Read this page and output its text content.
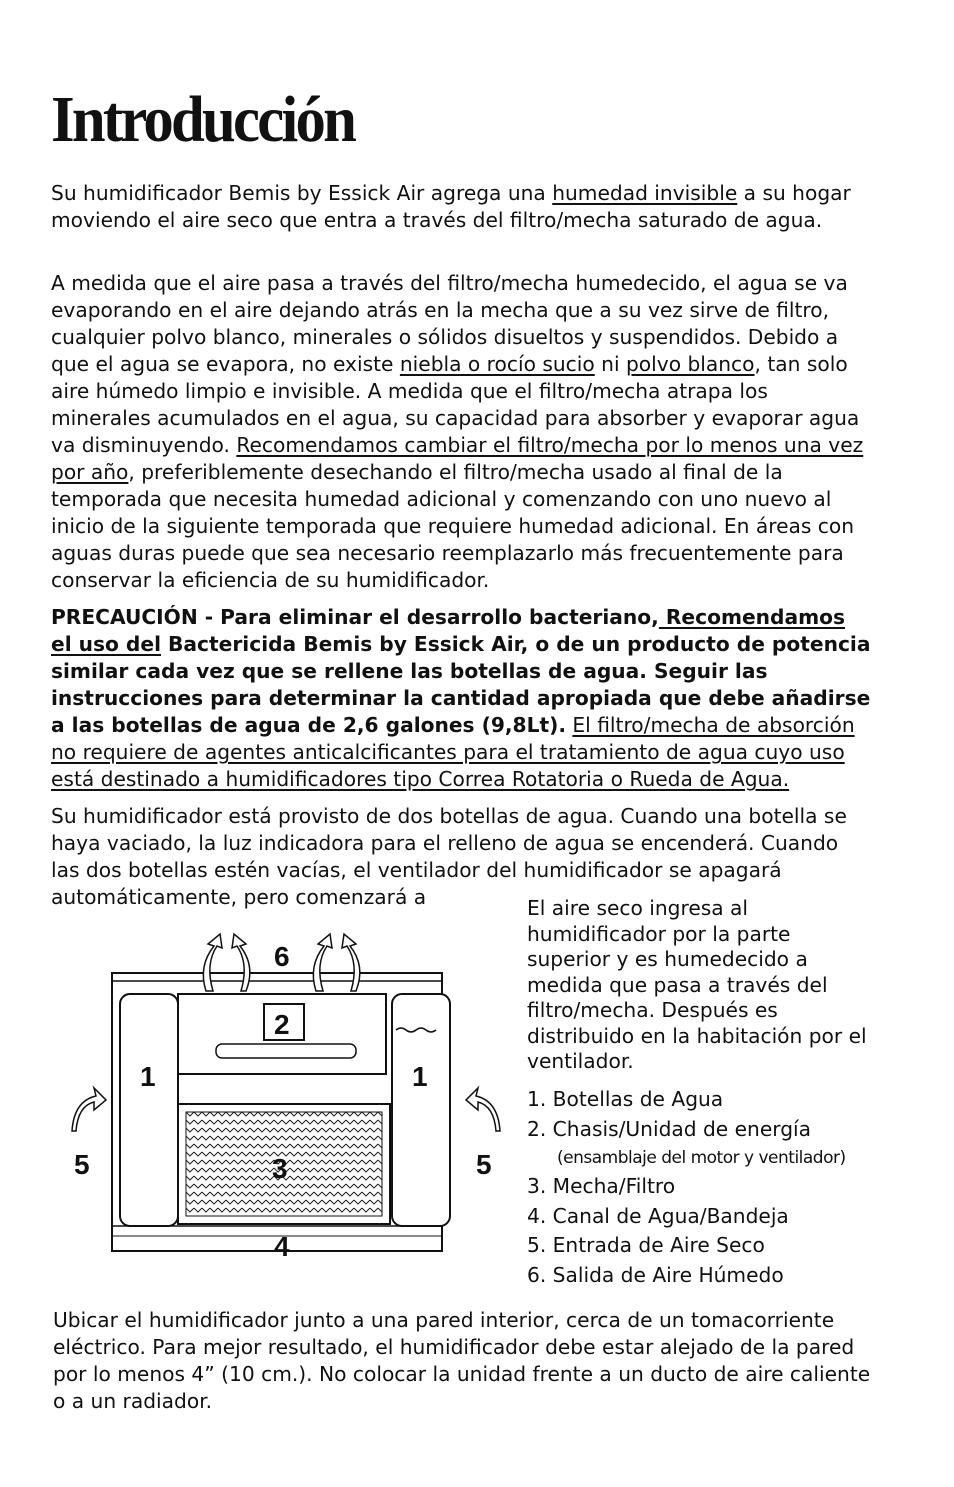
Introducción

Su humidificador Bemis by Essick Air agrega una humedad invisible a su hogar moviendo el aire seco que entra a través del filtro/mecha saturado de agua.

A medida que el aire pasa a través del filtro/mecha humedecido, el agua se va evaporando en el aire dejando atrás en la mecha que a su vez sirve de filtro, cualquier polvo blanco, minerales o sólidos disueltos y suspendidos. Debido a que el agua se evapora, no existe niebla o rocío sucio ni polvo blanco, tan solo aire húmedo limpio e invisible. A medida que el filtro/mecha atrapa los minerales acumulados en el agua, su capacidad para absorber y evaporar agua va disminuyendo. Recomendamos cambiar el filtro/mecha por lo menos una vez por año, preferiblemente desechando el filtro/mecha usado al final de la temporada que necesita humedad adicional y comenzando con uno nuevo al inicio de la siguiente temporada que requiere humedad adicional. En áreas con aguas duras puede que sea necesario reemplazarlo más frecuentemente para conservar la eficiencia de su humidificador.

PRECAUCIÓN - Para eliminar el desarrollo bacteriano, Recomendamos el uso del Bactericida Bemis by Essick Air, o de un producto de potencia similar cada vez que se rellene las botellas de agua. Seguir las instrucciones para determinar la cantidad apropiada que debe añadirse a las botellas de agua de 2,6 galones (9,8Lt). El filtro/mecha de absorción no requiere de agentes anticalcificantes para el tratamiento de agua cuyo uso está destinado a humidificadores tipo Correa Rotatoria o Rueda de Agua.

Su humidificador está provisto de dos botellas de agua. Cuando una botella se haya vaciado, la luz indicadora para el relleno de agua se encenderá. Cuando las dos botellas estén vacías, el ventilador del humidificador se apagará automáticamente, pero comenzará a

6
2
1	1
3
5	5
4

El aire seco ingresa al humidificador por la parte superior y es humedecido a medida que pasa a través del filtro/mecha. Después es distribuido en la habitación por el ventilador.

1. Botellas de Agua
2. Chasis/Unidad de energía
(ensamblaje del motor y ventilador)
3. Mecha/Filtro
4. Canal de Agua/Bandeja
5. Entrada de Aire Seco
6. Salida de Aire Húmedo

Ubicar el humidificador junto a una pared interior, cerca de un tomacorriente eléctrico. Para mejor resultado, el humidificador debe estar alejado de la pared por lo menos 4” (10 cm.). No colocar la unidad frente a un ducto de aire caliente o a un radiador.
